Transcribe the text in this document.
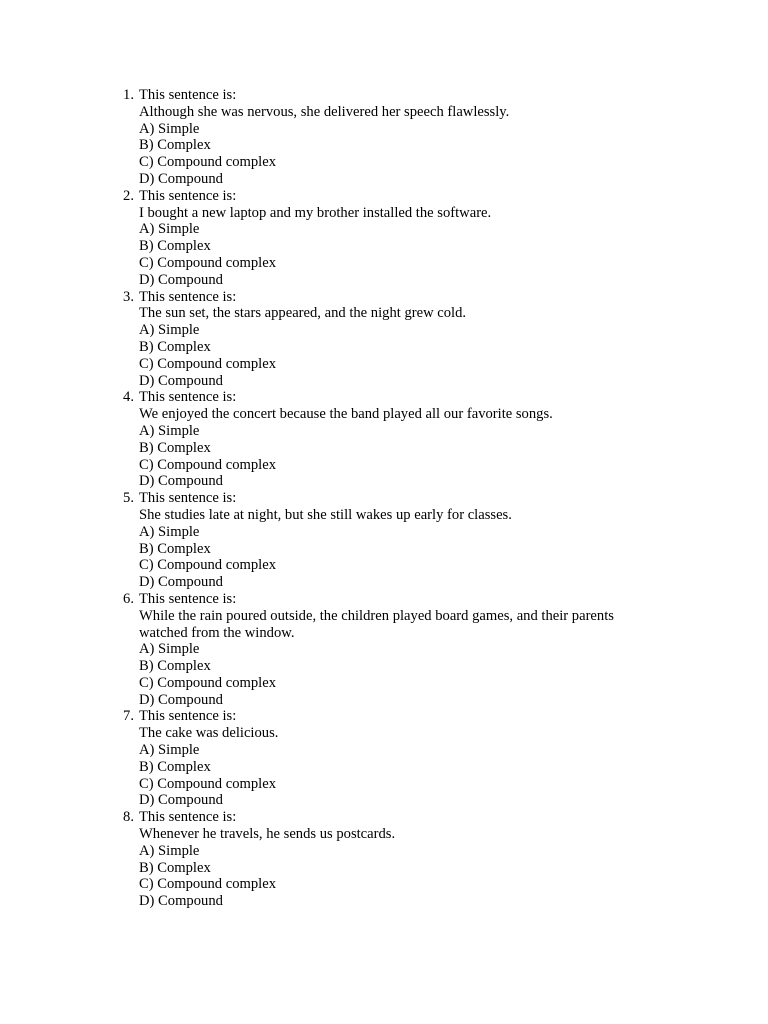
1. This sentence is:
Although she was nervous, she delivered her speech flawlessly.
A) Simple
B) Complex
C) Compound complex
D) Compound
2. This sentence is:
I bought a new laptop and my brother installed the software.
A) Simple
B) Complex
C) Compound complex
D) Compound
3. This sentence is:
The sun set, the stars appeared, and the night grew cold.
A) Simple
B) Complex
C) Compound complex
D) Compound
4. This sentence is:
We enjoyed the concert because the band played all our favorite songs.
A) Simple
B) Complex
C) Compound complex
D) Compound
5. This sentence is:
She studies late at night, but she still wakes up early for classes.
A) Simple
B) Complex
C) Compound complex
D) Compound
6. This sentence is:
While the rain poured outside, the children played board games, and their parents watched from the window.
A) Simple
B) Complex
C) Compound complex
D) Compound
7. This sentence is:
The cake was delicious.
A) Simple
B) Complex
C) Compound complex
D) Compound
8. This sentence is:
Whenever he travels, he sends us postcards.
A) Simple
B) Complex
C) Compound complex
D) Compound
